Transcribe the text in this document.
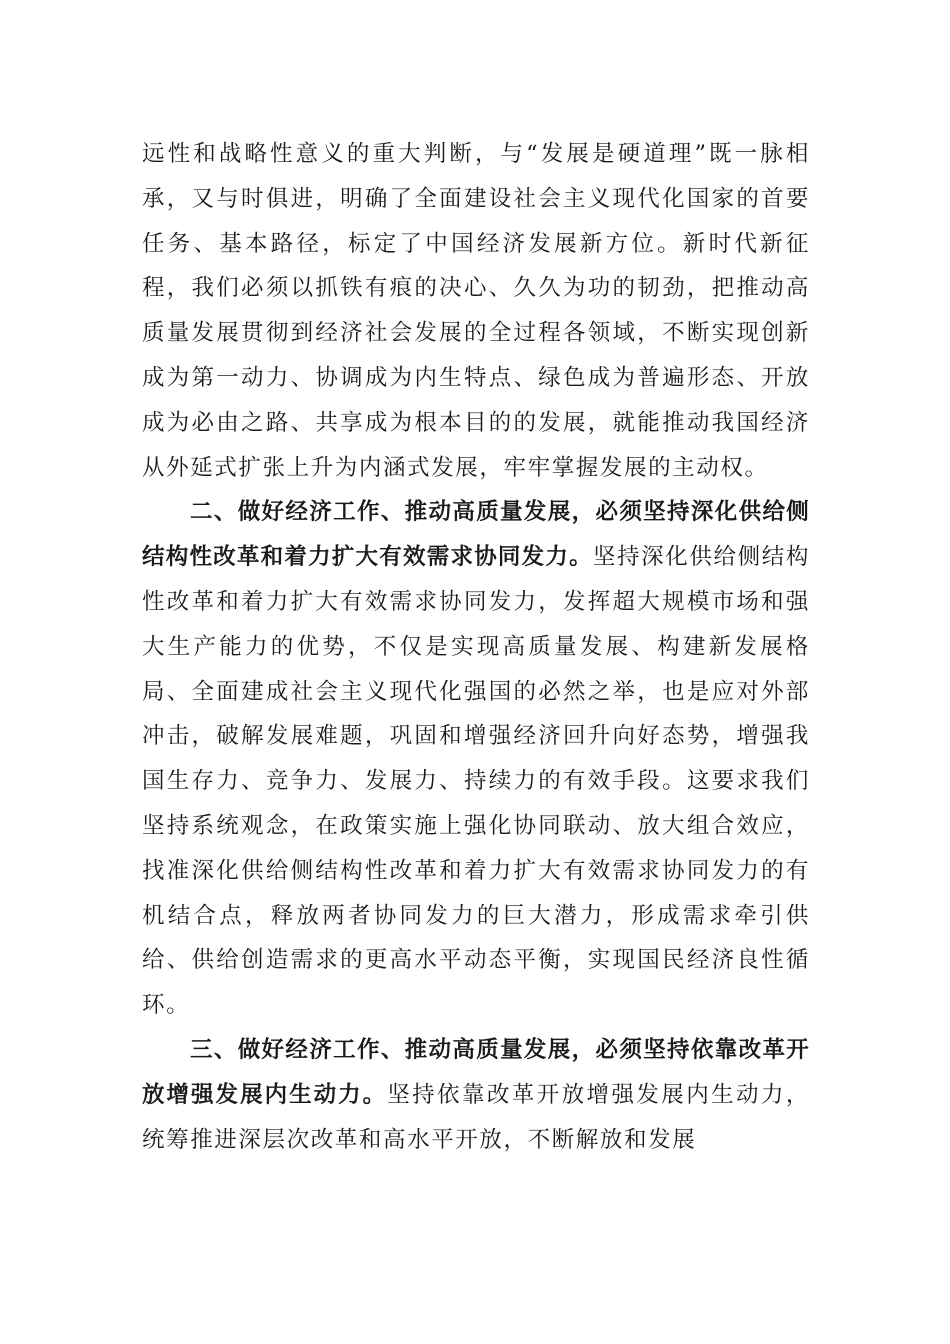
远性和战略性意义的重大判断，与“发展是硬道理”既一脉相承，又与时俱进，明确了全面建设社会主义现代化国家的首要任务、基本路径，标定了中国经济发展新方位。新时代新征程，我们必须以抓铁有痕的决心、久久为功的韧劲，把推动高质量发展贯彻到经济社会发展的全过程各领域，不断实现创新成为第一动力、协调成为内生特点、绿色成为普遍形态、开放成为必由之路、共享成为根本目的的发展，就能推动我国经济从外延式扩张上升为内涵式发展，牢牢掌握发展的主动权。

二、做好经济工作、推动高质量发展，必须坚持深化供给侧结构性改革和着力扩大有效需求协同发力。坚持深化供给侧结构性改革和着力扩大有效需求协同发力，发挥超大规模市场和强大生产能力的优势，不仅是实现高质量发展、构建新发展格局、全面建成社会主义现代化强国的必然之举，也是应对外部冲击，破解发展难题，巩固和增强经济回升向好态势，增强我国生存力、竞争力、发展力、持续力的有效手段。这要求我们坚持系统观念，在政策实施上强化协同联动、放大组合效应，找准深化供给侧结构性改革和着力扩大有效需求协同发力的有机结合点，释放两者协同发力的巨大潜力，形成需求牵引供给、供给创造需求的更高水平动态平衡，实现国民经济良性循环。

三、做好经济工作、推动高质量发展，必须坚持依靠改革开放增强发展内生动力。坚持依靠改革开放增强发展内生动力，统筹推进深层次改革和高水平开放，不断解放和发展
